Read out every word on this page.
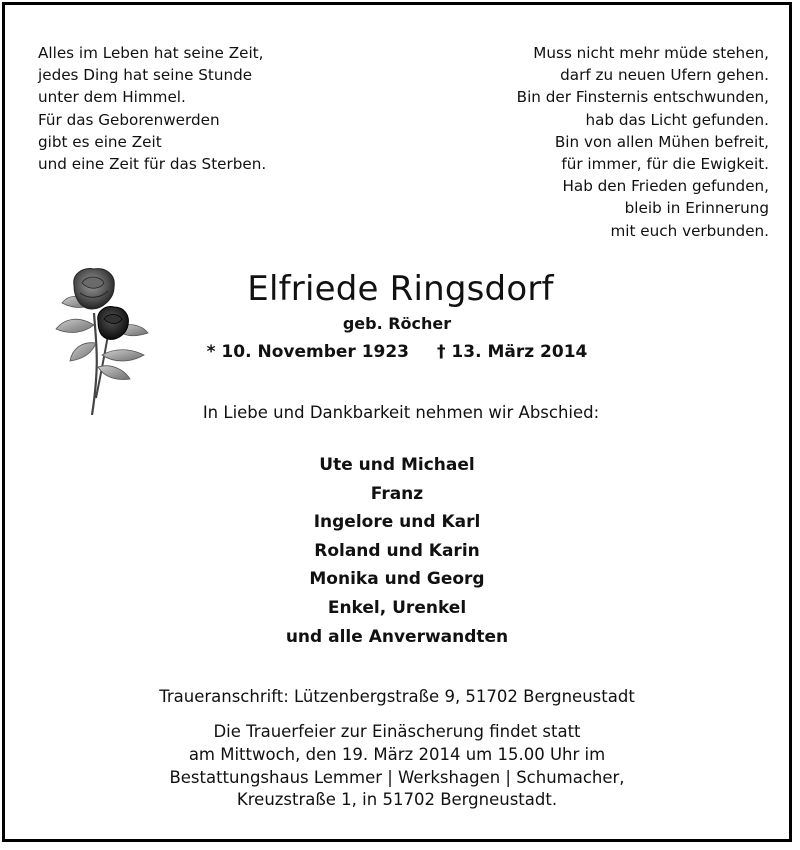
Alles im Leben hat seine Zeit,
jedes Ding hat seine Stunde
unter dem Himmel.
Für das Geborenwerden
gibt es eine Zeit
und eine Zeit für das Sterben.
Muss nicht mehr müde stehen,
darf zu neuen Ufern gehen.
Bin der Finsternis entschwunden,
hab das Licht gefunden.
Bin von allen Mühen befreit,
für immer, für die Ewigkeit.
Hab den Frieden gefunden,
bleib in Erinnerung
mit euch verbunden.
Elfriede Ringsdorf
geb. Röcher
* 10. November 1923 † 13. März 2014
In Liebe und Dankbarkeit nehmen wir Abschied:
Ute und Michael
Franz
Ingelore und Karl
Roland und Karin
Monika und Georg
Enkel, Urenkel
und alle Anverwandten
Traueranschrift: Lützenbergstraße 9, 51702 Bergneustadt
Die Trauerfeier zur Einäscherung findet statt
am Mittwoch, den 19. März 2014 um 15.00 Uhr im
Bestattungshaus Lemmer | Werkshagen | Schumacher,
Kreuzstraße 1, in 51702 Bergneustadt.
